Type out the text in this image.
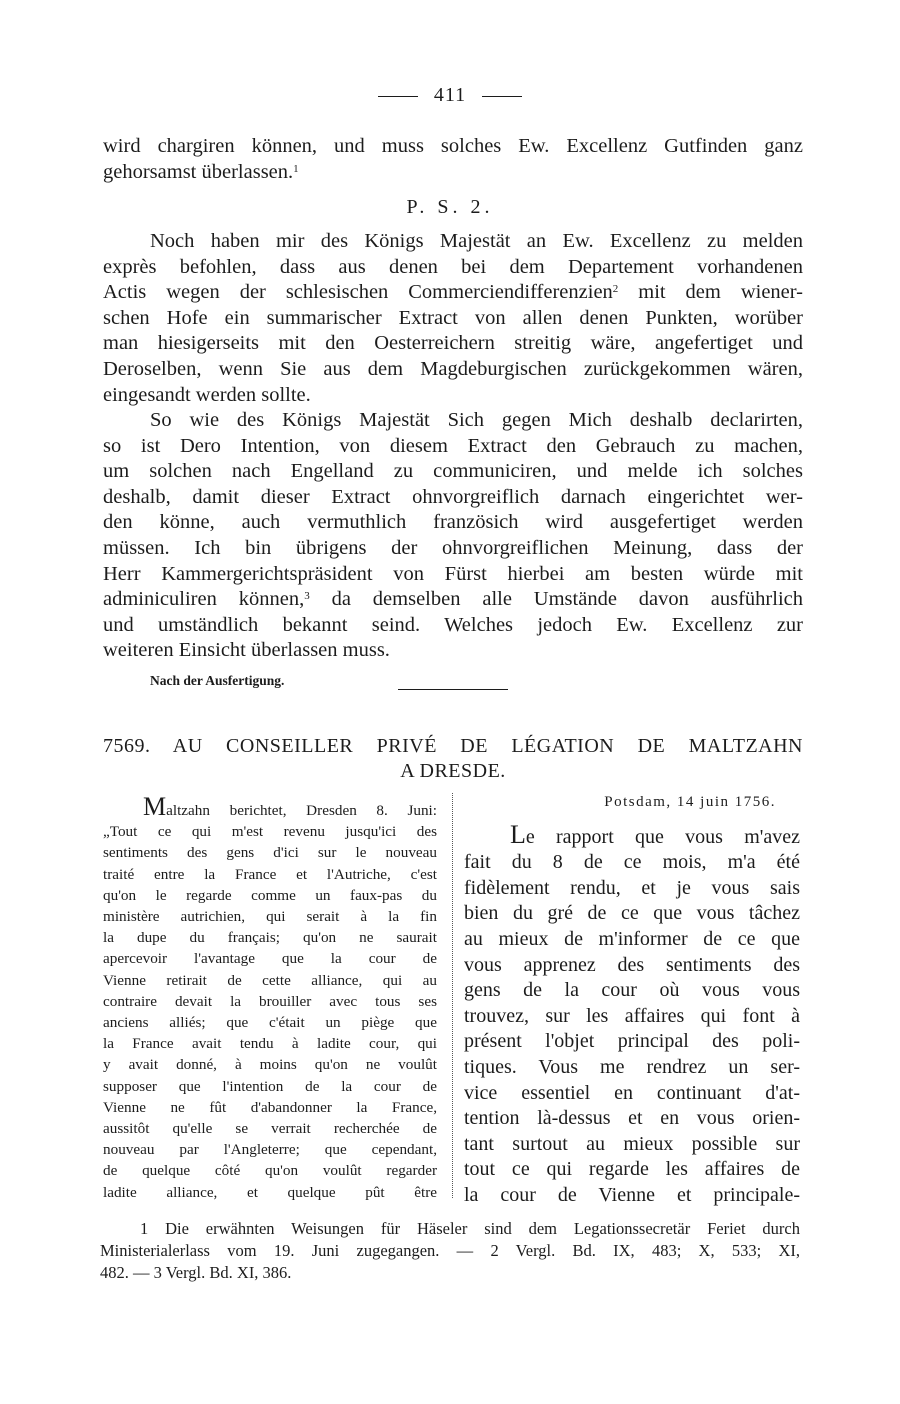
411
wird chargiren können, und muss solches Ew. Excellenz Gutfinden ganz
gehorsamst überlassen.$^1$
P. S. 2.
Noch haben mir des Königs Majestät an Ew. Excellenz zu melden
exprès befohlen, dass aus denen bei dem Departement vorhandenen
Actis wegen der schlesischen Commerciendifferenzien$^2$ mit dem wiener-
schen Hofe ein summarischer Extract von allen denen Punkten, worüber
man hiesigerseits mit den Oesterreichern streitig wäre, angefertiget und
Deroselben, wenn Sie aus dem Magdeburgischen zurückgekommen wären,
eingesandt werden sollte.
So wie des Königs Majestät Sich gegen Mich deshalb declarirten,
so ist Dero Intention, von diesem Extract den Gebrauch zu machen,
um solchen nach Engelland zu communiciren, und melde ich solches
deshalb, damit dieser Extract ohnvorgreiflich darnach eingerichtet wer-
den könne, auch vermuthlich französich wird ausgefertiget werden
müssen. Ich bin übrigens der ohnvorgreiflichen Meinung, dass der
Herr Kammergerichtspräsident von Fürst hierbei am besten würde mit
adminiculiren können,$^3$ da demselben alle Umstände davon ausführlich
und umständlich bekannt seind. Welches jedoch Ew. Excellenz zur
weiteren Einsicht überlassen muss.
Nach der Ausfertigung.
7569. AU CONSEILLER PRIVÉ DE LÉGATION DE MALTZAHN
A DRESDE.
Maltzahn berichtet, Dresden 8. Juni:
„Tout ce qui m'est revenu jusqu'ici des
sentiments des gens d'ici sur le nouveau
traité entre la France et l'Autriche, c'est
qu'on le regarde comme un faux-pas du
ministère autrichien, qui serait à la fin
la dupe du français; qu'on ne saurait
apercevoir l'avantage que la cour de
Vienne retirait de cette alliance, qui au
contraire devait la brouiller avec tous ses
anciens alliés; que c'était un piège que
la France avait tendu à ladite cour, qui
y avait donné, à moins qu'on ne voulût
supposer que l'intention de la cour de
Vienne ne fût d'abandonner la France,
aussitôt qu'elle se verrait recherchée de
nouveau par l'Angleterre; que cependant,
de quelque côté qu'on voulût regarder
ladite alliance, et quelque pût être
Potsdam, 14 juin 1756.
Le rapport que vous m'avez
fait du 8 de ce mois, m'a été
fidèlement rendu, et je vous sais
bien du gré de ce que vous tâchez
au mieux de m'informer de ce que
vous apprenez des sentiments des
gens de la cour où vous vous
trouvez, sur les affaires qui font à
présent l'objet principal des poli-
tiques. Vous me rendrez un ser-
vice essentiel en continuant d'at-
tention là-dessus et en vous orien-
tant surtout au mieux possible sur
tout ce qui regarde les affaires de
la cour de Vienne et principale-
1 Die erwähnten Weisungen für Häseler sind dem Legationssecretär Feriet durch
Ministerialerlass vom 19. Juni zugegangen. — 2 Vergl. Bd. IX, 483; X, 533; XI,
482. — 3 Vergl. Bd. XI, 386.
